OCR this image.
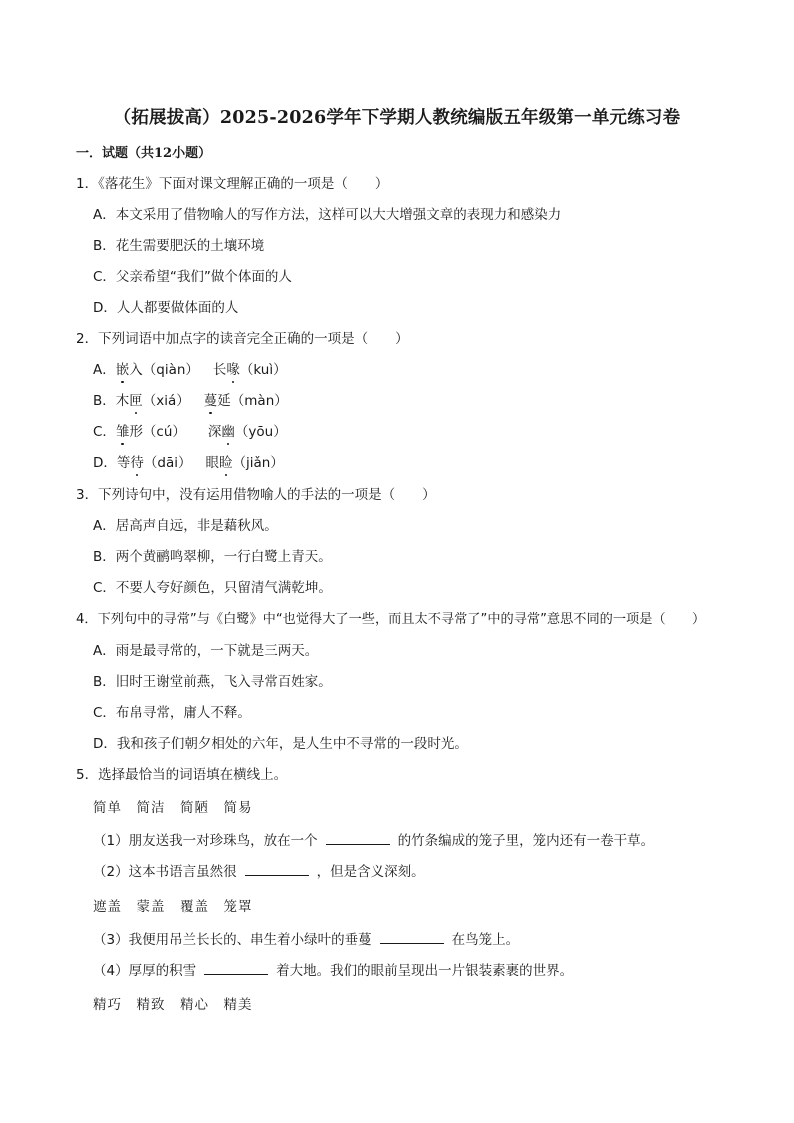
（拓展拔高）2025-2026学年下学期人教统编版五年级第一单元练习卷
一．试题（共12小题）
1．《落花生》下面对课文理解正确的一项是（　　）
A．本文采用了借物喻人的写作方法，这样可以大大增强文章的表现力和感染力
B．花生需要肥沃的土壤环境
C．父亲希望“我们”做个体面的人
D．人人都要做体面的人
2．下列词语中加点字的读音完全正确的一项是（　　）
A．嵌入（qiàn） 长喙（kuì）
B．木匣（xiá） 蔓延（màn）
C．雏形（cú） 深幽（yōu）
D．等待（dāi） 眼睑（jiǎn）
3．下列诗句中，没有运用借物喻人的手法的一项是（　　）
A．居高声自远，非是藉秋风。
B．两个黄鹂鸣翠柳，一行白鹭上青天。
C．不要人夸好颜色，只留清气满乾坤。
4．下列句中的寻常”与《白鹭》中“也觉得大了一些，而且太不寻常了”中的寻常”意思不同的一项是（　　）
A．雨是最寻常的，一下就是三两天。
B．旧时王谢堂前燕，飞入寻常百姓家。
C．布帛寻常，庸人不释。
D．我和孩子们朝夕相处的六年，是人生中不寻常的一段时光。
5．选择最恰当的词语填在横线上。
简单　简洁　简陋　简易
（1）朋友送我一对珍珠鸟，放在一个	的竹条编成的笼子里，笼内还有一卷干草。
（2）这本书语言虽然很	，但是含义深刻。
遮盖　蒙盖　覆盖　笼罩
（3）我便用吊兰长长的、串生着小绿叶的垂蔓	在鸟笼上。
（4）厚厚的积雪	着大地。我们的眼前呈现出一片银装素裹的世界。
精巧　精致　精心　精美
